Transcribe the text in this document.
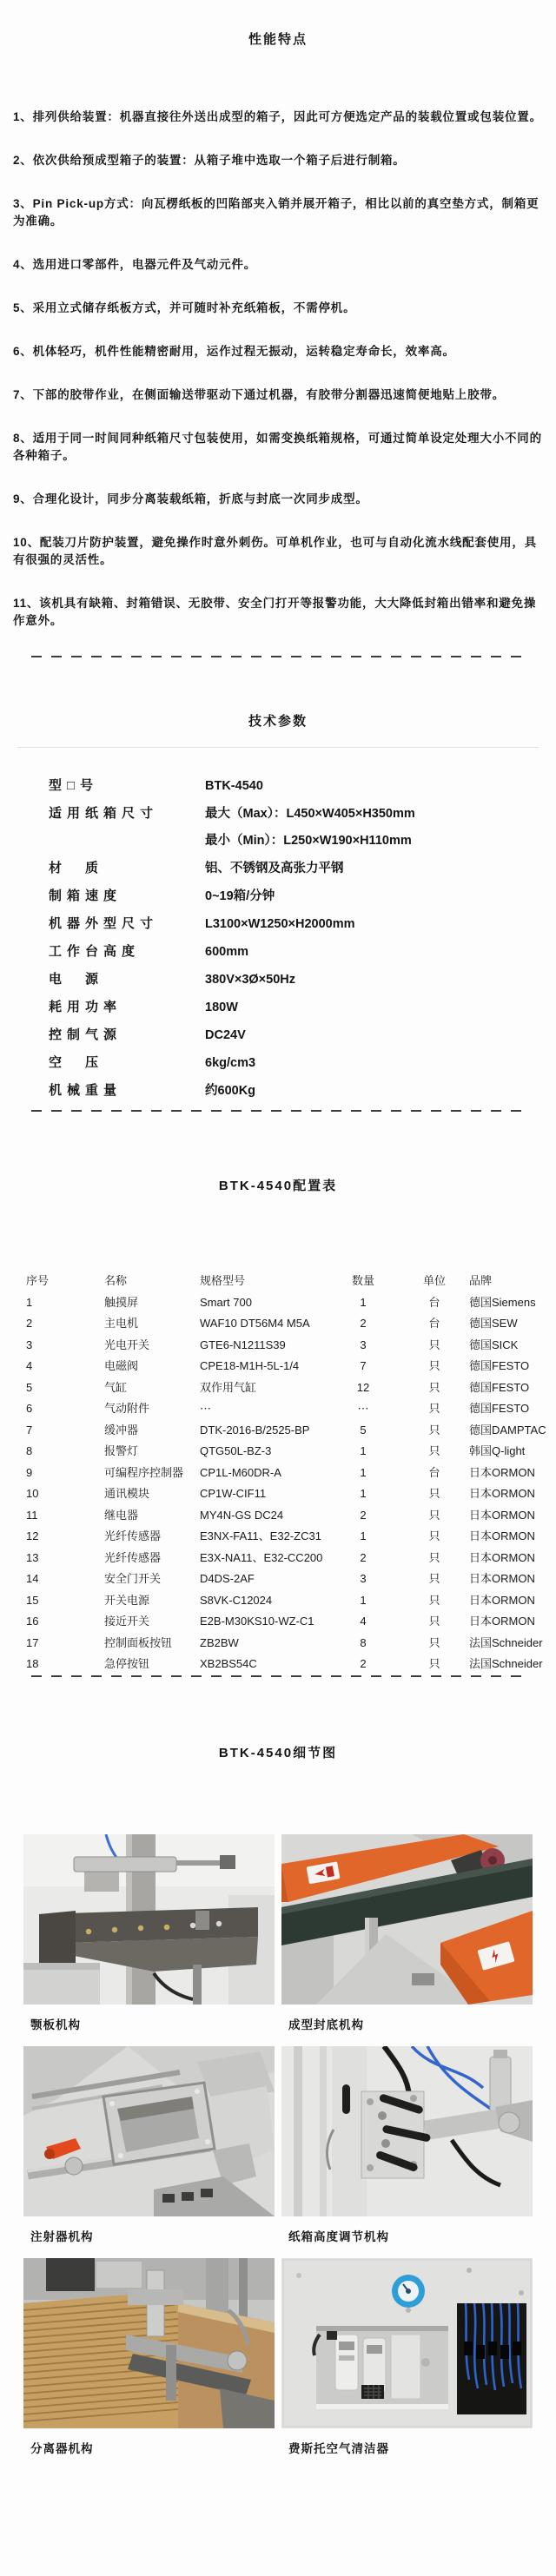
性能特点
1、排列供给装置：机器直接往外送出成型的箱子，因此可方便选定产品的装载位置或包装位置。
2、依次供给预成型箱子的装置：从箱子堆中选取一个箱子后进行制箱。
3、Pin Pick-up方式：向瓦楞纸板的凹陷部夹入销并展开箱子，相比以前的真空垫方式，制箱更为准确。
4、选用进口零部件，电器元件及气动元件。
5、采用立式储存纸板方式，并可随时补充纸箱板，不需停机。
6、机体轻巧，机件性能精密耐用，运作过程无振动，运转稳定寿命长，效率高。
7、下部的胶带作业，在侧面输送带驱动下通过机器，有胶带分割器迅速简便地贴上胶带。
8、适用于同一时间同种纸箱尺寸包装使用，如需变换纸箱规格，可通过简单设定处理大小不同的各种箱子。
9、合理化设计，同步分离装载纸箱，折底与封底一次同步成型。
10、配装刀片防护装置，避免操作时意外刺伤。可单机作业，也可与自动化流水线配套使用，具有很强的灵活性。
11、该机具有缺箱、封箱错误、无胶带、安全门打开等报警功能，大大降低封箱出错率和避免操作意外。
技术参数
型□号	BTK-4540
适用纸箱尺寸	最大（Max）：L450×W405×H350mm
最小（Min）：L250×W190×H110mm
材　质	铝、不锈钢及高张力平钢
制箱速度	0~19箱/分钟
机器外型尺寸	L3100×W1250×H2000mm
工作台高度	600mm
电　源	380V×3Ø×50Hz
耗用功率	180W
控制气源	DC24V
空　压	6kg/cm3
机械重量	约600Kg
BTK-4540配置表
序号	名称	规格型号	数量	单位	品牌
1	触摸屏	Smart 700	1	台	德国Siemens
2	主电机	WAF10 DT56M4 M5A	2	台	德国SEW
3	光电开关	GTE6-N1211S39	3	只	德国SICK
4	电磁阀	CPE18-M1H-5L-1/4	7	只	德国FESTO
5	气缸	双作用气缸	12	只	德国FESTO
6	气动附件	⋯	⋯	只	德国FESTO
7	缓冲器	DTK-2016-B/2525-BP	5	只	德国DAMPTAC
8	报警灯	QTG50L-BZ-3	1	只	韩国Q-light
9	可编程序控制器	CP1L-M60DR-A	1	台	日本ORMON
10	通讯模块	CP1W-CIF11	1	只	日本ORMON
11	继电器	MY4N-GS DC24	2	只	日本ORMON
12	光纤传感器	E3NX-FA11、E32-ZC31	1	只	日本ORMON
13	光纤传感器	E3X-NA11、E32-CC200	2	只	日本ORMON
14	安全门开关	D4DS-2AF	3	只	日本ORMON
15	开关电源	S8VK-C12024	1	只	日本ORMON
16	接近开关	E2B-M30KS10-WZ-C1	4	只	日本ORMON
17	控制面板按钮	ZB2BW	8	只	法国Schneider
18	急停按钮	XB2BS54C	2	只	法国Schneider
BTK-4540细节图
颚板机构	成型封底机构
注射器机构	纸箱高度调节机构
分离器机构	费斯托空气清洁器
